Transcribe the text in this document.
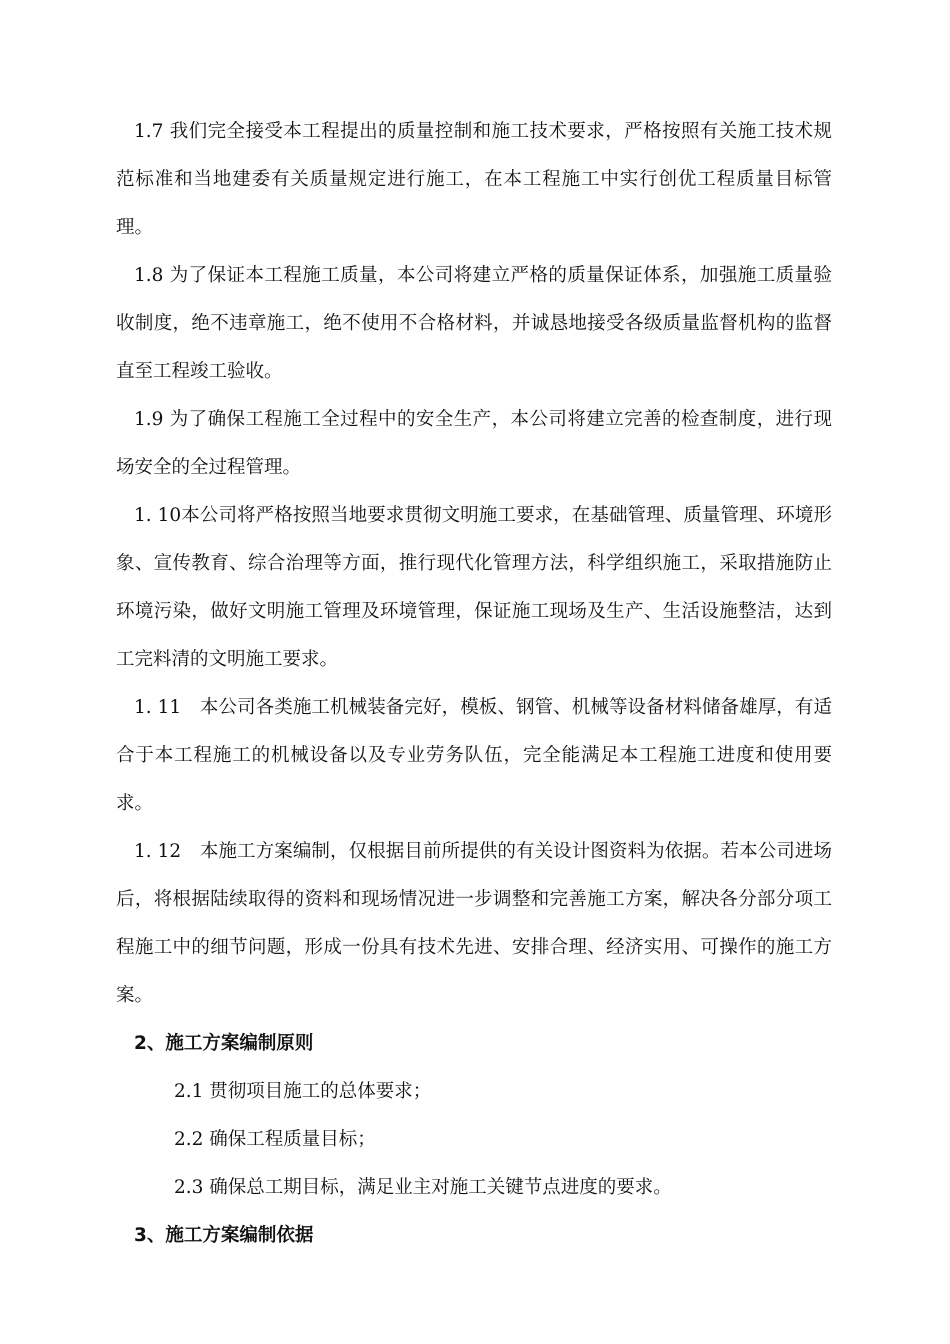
1.7 我们完全接受本工程提出的质量控制和施工技术要求，严格按照有关施工技术规范标准和当地建委有关质量规定进行施工，在本工程施工中实行创优工程质量目标管理。

1.8 为了保证本工程施工质量，本公司将建立严格的质量保证体系，加强施工质量验收制度，绝不违章施工，绝不使用不合格材料，并诚恳地接受各级质量监督机构的监督直至工程竣工验收。

1.9 为了确保工程施工全过程中的安全生产，本公司将建立完善的检查制度，进行现场安全的全过程管理。

1. 10本公司将严格按照当地要求贯彻文明施工要求，在基础管理、质量管理、环境形象、宣传教育、综合治理等方面，推行现代化管理方法，科学组织施工，采取措施防止环境污染，做好文明施工管理及环境管理，保证施工现场及生产、生活设施整洁，达到工完料清的文明施工要求。

1. 11　本公司各类施工机械装备完好，模板、钢管、机械等设备材料储备雄厚，有适合于本工程施工的机械设备以及专业劳务队伍，完全能满足本工程施工进度和使用要求。

1. 12　本施工方案编制，仅根据目前所提供的有关设计图资料为依据。若本公司进场后，将根据陆续取得的资料和现场情况进一步调整和完善施工方案，解决各分部分项工程施工中的细节问题，形成一份具有技术先进、安排合理、经济实用、可操作的施工方案。

2、施工方案编制原则

2.1 贯彻项目施工的总体要求；

2.2 确保工程质量目标；

2.3 确保总工期目标，满足业主对施工关键节点进度的要求。

3、施工方案编制依据
